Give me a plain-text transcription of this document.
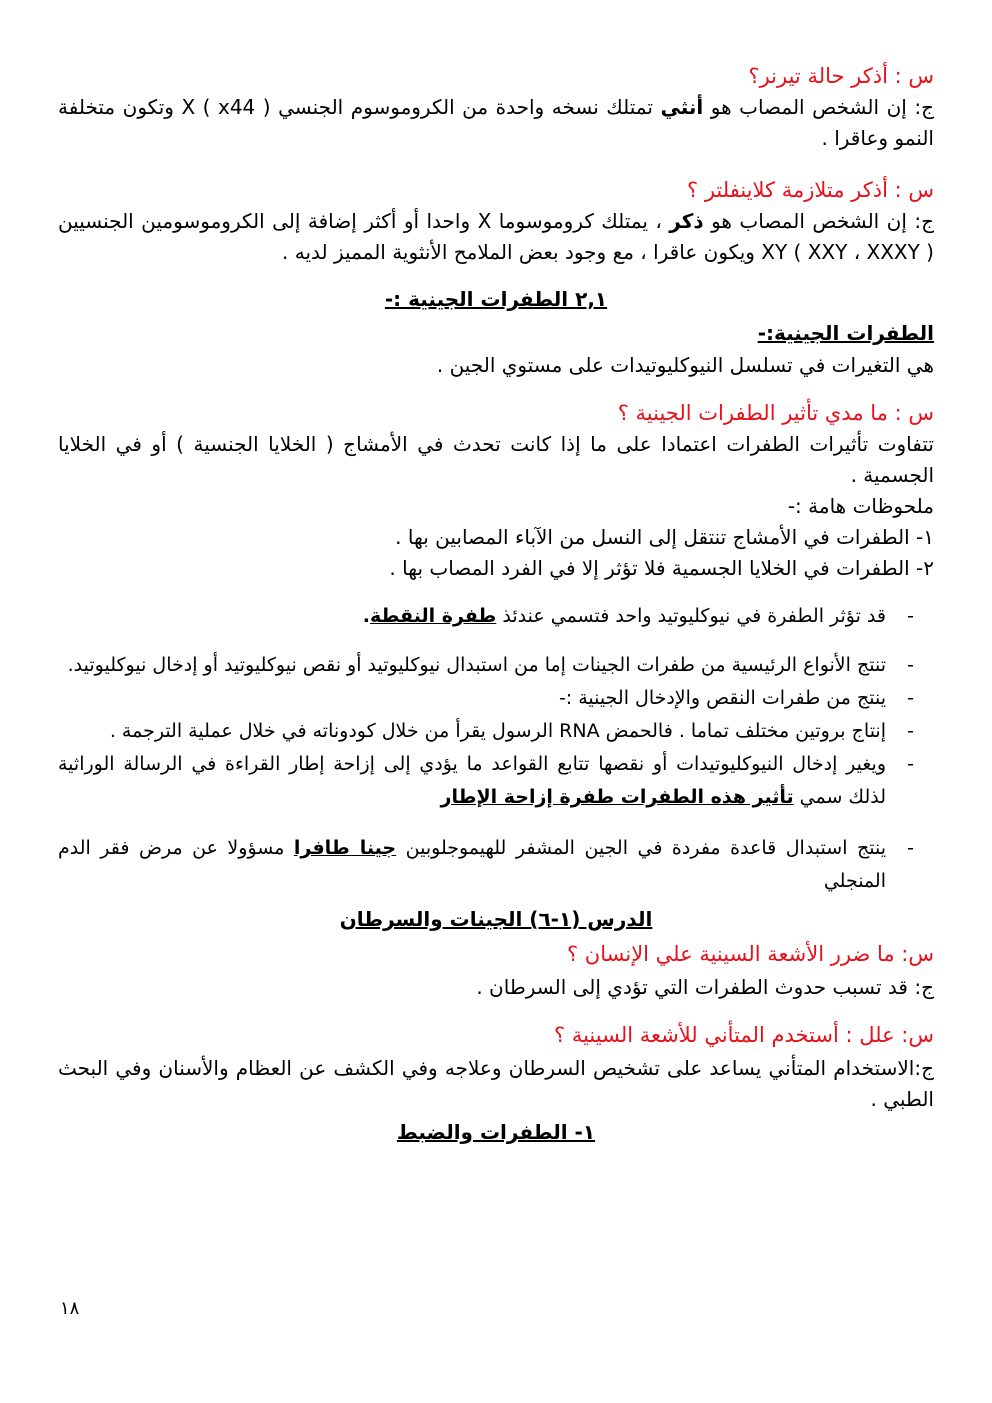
س : أذكر حالة تيرنر؟

ج: إن الشخص المصاب هو أنثي تمتلك نسخه واحدة من الكروموسوم الجنسي X ( x44 ) وتكون متخلفة النمو وعاقرا .

س : أذكر متلازمة كلاينفلتر ؟

ج: إن الشخص المصاب هو ذكر ، يمتلك كروموسوما X واحدا أو أكثر إضافة إلى الكروموسومين الجنسيين XY ( XXY ، XXXY ) ويكون عاقرا ، مع وجود بعض الملامح الأنثوية المميز لديه .

٢,١ الطفرات الجينية :-

الطفرات الجينية:-

هي التغيرات في تسلسل النيوكليوتيدات على مستوي الجين .

س : ما مدي تأثير الطفرات الجينية ؟

تتفاوت تأثيرات الطفرات اعتمادا على ما إذا كانت تحدث في الأمشاج ( الخلايا الجنسية ) أو في الخلايا الجسمية .

ملحوظات هامة :-

١- الطفرات في الأمشاج تنتقل إلى النسل من الآباء المصابين بها .

٢- الطفرات في الخلايا الجسمية فلا تؤثر إلا في الفرد المصاب بها .

- قد تؤثر الطفرة في نيوكليوتيد واحد فتسمي عندئذ طفرة النقطة.
- تنتج الأنواع الرئيسية من طفرات الجينات إما من استبدال نيوكليوتيد أو نقص نيوكليوتيد أو إدخال نيوكليوتيد.
- ينتج من طفرات النقص والإدخال الجينية :-
- إنتاج بروتين مختلف تماما . فالحمض RNA الرسول يقرأ من خلال كودوناته في خلال عملية الترجمة .
- ويغير إدخال النيوكليوتيدات أو نقصها تتابع القواعد ما يؤدي إلى إزاحة إطار القراءة في الرسالة الوراثية لذلك سمي تأثير هذه الطفرات طفرة إزاحة الإطار
- ينتج استبدال قاعدة مفردة في الجين المشفر للهيموجلوبين جينا طافرا مسؤولا عن مرض فقر الدم المنجلي

الدرس (١-٦) الجينات والسرطان

س: ما ضرر الأشعة السينية علي الإنسان ؟

ج: قد تسبب حدوث الطفرات التي تؤدي إلى السرطان .

س: علل : أستخدم المتأني للأشعة السينية ؟

ج:الاستخدام المتأني يساعد على تشخيص السرطان وعلاجه وفي الكشف عن العظام والأسنان وفي البحث الطبي .

١- الطفرات والضبط

١٨
